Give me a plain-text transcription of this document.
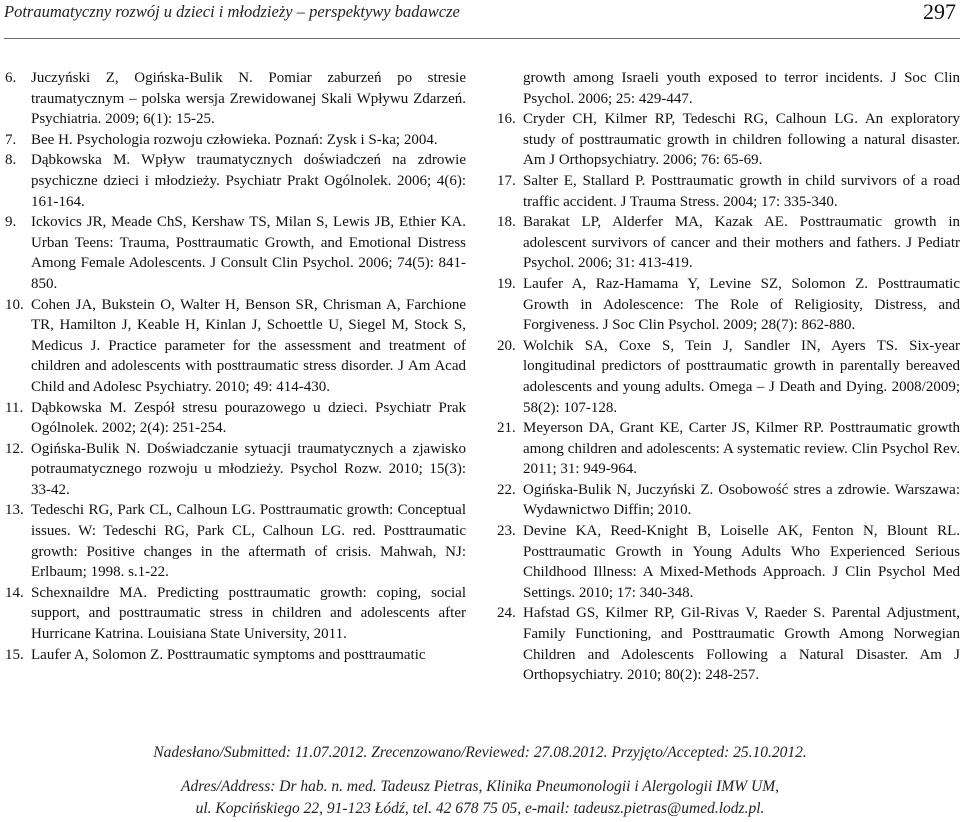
Potraumatyczny rozwój u dzieci i młodzieży – perspektywy badawcze	297
6. Juczyński Z, Ogińska-Bulik N. Pomiar zaburzeń po stresie traumatycznym – polska wersja Zrewidowanej Skali Wpływu Zdarzeń. Psychiatria. 2009; 6(1): 15-25.
7. Bee H. Psychologia rozwoju człowieka. Poznań: Zysk i S-ka; 2004.
8. Dąbkowska M. Wpływ traumatycznych doświadczeń na zdrowie psychiczne dzieci i młodzieży. Psychiatr Prakt Ogólnolek. 2006; 4(6): 161-164.
9. Ickovics JR, Meade ChS, Kershaw TS, Milan S, Lewis JB, Ethier KA. Urban Teens: Trauma, Posttraumatic Growth, and Emotional Distress Among Female Adolescents. J Consult Clin Psychol. 2006; 74(5): 841-850.
10. Cohen JA, Bukstein O, Walter H, Benson SR, Chrisman A, Farchione TR, Hamilton J, Keable H, Kinlan J, Schoettle U, Siegel M, Stock S, Medicus J. Practice parameter for the assessment and treatment of children and adolescents with posttraumatic stress disorder. J Am Acad Child and Adolesc Psychiatry. 2010; 49: 414-430.
11. Dąbkowska M. Zespół stresu pourazowego u dzieci. Psychiatr Prak Ogólnolek. 2002; 2(4): 251-254.
12. Ogińska-Bulik N. Doświadczanie sytuacji traumatycznych a zjawisko potraumatycznego rozwoju u młodzieży. Psychol Rozw. 2010; 15(3): 33-42.
13. Tedeschi RG, Park CL, Calhoun LG. Posttraumatic growth: Conceptual issues. W: Tedeschi RG, Park CL, Calhoun LG. red. Posttraumatic growth: Positive changes in the aftermath of crisis. Mahwah, NJ: Erlbaum; 1998. s.1-22.
14. Schexnaildre MA. Predicting posttraumatic growth: coping, social support, and posttraumatic stress in children and adolescents after Hurricane Katrina. Louisiana State University, 2011.
15. Laufer A, Solomon Z. Posttraumatic symptoms and posttraumatic
growth among Israeli youth exposed to terror incidents. J Soc Clin Psychol. 2006; 25: 429-447.
16. Cryder CH, Kilmer RP, Tedeschi RG, Calhoun LG. An exploratory study of posttraumatic growth in children following a natural disaster. Am J Orthopsychiatry. 2006; 76: 65-69.
17. Salter E, Stallard P. Posttraumatic growth in child survivors of a road traffic accident. J Trauma Stress. 2004; 17: 335-340.
18. Barakat LP, Alderfer MA, Kazak AE. Posttraumatic growth in adolescent survivors of cancer and their mothers and fathers. J Pediatr Psychol. 2006; 31: 413-419.
19. Laufer A, Raz-Hamama Y, Levine SZ, Solomon Z. Posttraumatic Growth in Adolescence: The Role of Religiosity, Distress, and Forgiveness. J Soc Clin Psychol. 2009; 28(7): 862-880.
20. Wolchik SA, Coxe S, Tein J, Sandler IN, Ayers TS. Six-year longitudinal predictors of posttraumatic growth in parentally bereaved adolescents and young adults. Omega – J Death and Dying. 2008/2009; 58(2): 107-128.
21. Meyerson DA, Grant KE, Carter JS, Kilmer RP. Posttraumatic growth among children and adolescents: A systematic review. Clin Psychol Rev. 2011; 31: 949-964.
22. Ogińska-Bulik N, Juczyński Z. Osobowość stres a zdrowie. Warszawa: Wydawnictwo Diffin; 2010.
23. Devine KA, Reed-Knight B, Loiselle AK, Fenton N, Blount RL. Posttraumatic Growth in Young Adults Who Experienced Serious Childhood Illness: A Mixed-Methods Approach. J Clin Psychol Med Settings. 2010; 17: 340-348.
24. Hafstad GS, Kilmer RP, Gil-Rivas V, Raeder S. Parental Adjustment, Family Functioning, and Posttraumatic Growth Among Norwegian Children and Adolescents Following a Natural Disaster. Am J Orthopsychiatry. 2010; 80(2): 248-257.
Nadesłano/Submitted: 11.07.2012. Zrecenzowano/Reviewed: 27.08.2012. Przyjęto/Accepted: 25.10.2012.
Adres/Address: Dr hab. n. med. Tadeusz Pietras, Klinika Pneumonologii i Alergologii IMW UM,
ul. Kopcińskiego 22, 91-123 Łódź, tel. 42 678 75 05, e-mail: tadeusz.pietras@umed.lodz.pl.
